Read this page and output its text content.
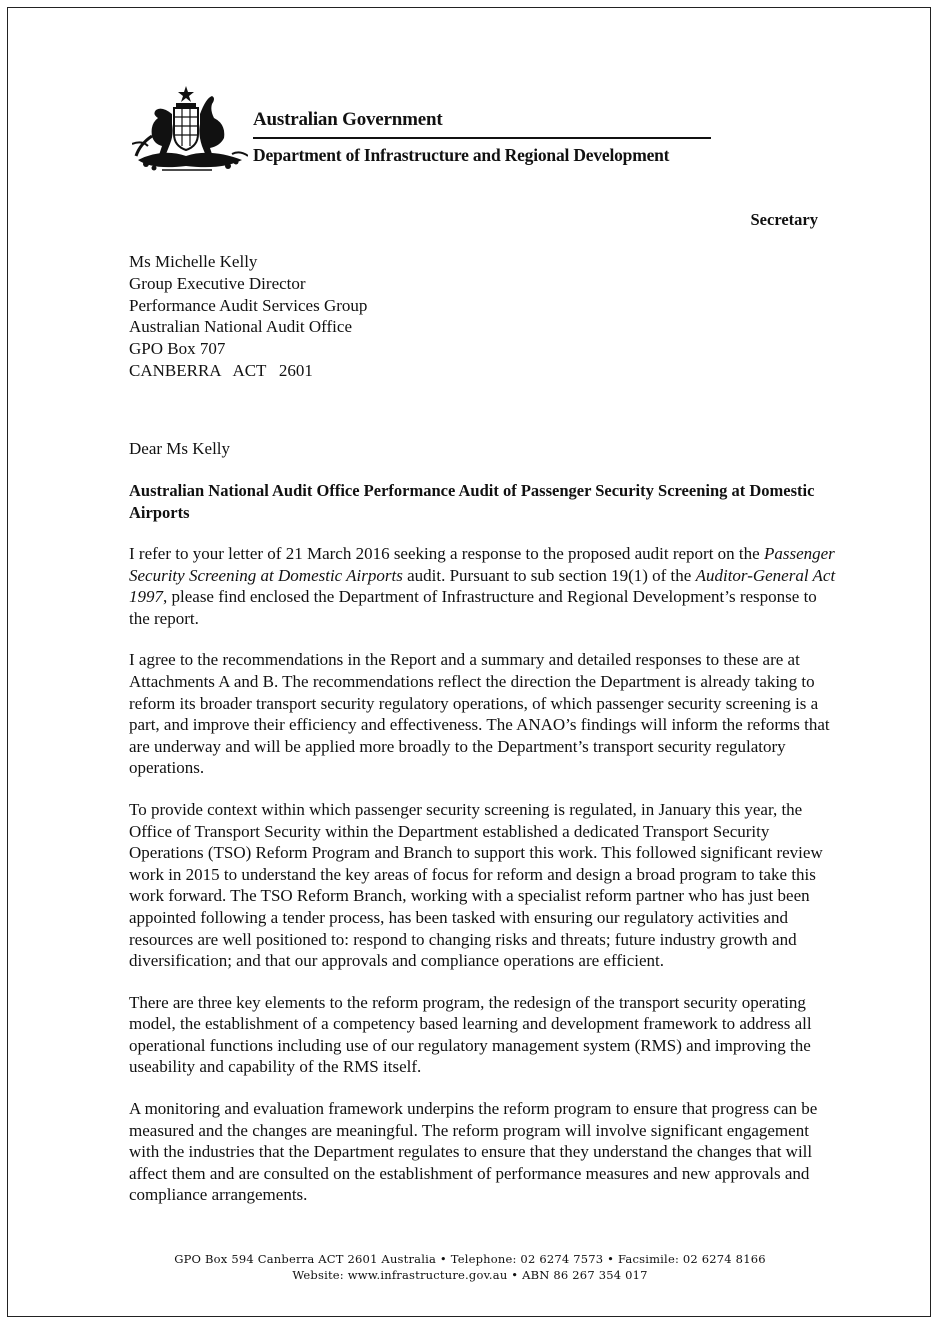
Australian Government
Department of Infrastructure and Regional Development
Secretary
Ms Michelle Kelly
Group Executive Director
Performance Audit Services Group
Australian National Audit Office
GPO Box 707
CANBERRA   ACT   2601
Dear Ms Kelly
Australian National Audit Office Performance Audit of Passenger Security Screening at Domestic Airports

I refer to your letter of 21 March 2016 seeking a response to the proposed audit report on the Passenger Security Screening at Domestic Airports audit. Pursuant to sub section 19(1) of the Auditor-General Act 1997, please find enclosed the Department of Infrastructure and Regional Development’s response to the report.

I agree to the recommendations in the Report and a summary and detailed responses to these are at Attachments A and B. The recommendations reflect the direction the Department is already taking to reform its broader transport security regulatory operations, of which passenger security screening is a part, and improve their efficiency and effectiveness. The ANAO’s findings will inform the reforms that are underway and will be applied more broadly to the Department’s transport security regulatory operations.

To provide context within which passenger security screening is regulated, in January this year, the Office of Transport Security within the Department established a dedicated Transport Security Operations (TSO) Reform Program and Branch to support this work. This followed significant review work in 2015 to understand the key areas of focus for reform and design a broad program to take this work forward. The TSO Reform Branch, working with a specialist reform partner who has just been appointed following a tender process, has been tasked with ensuring our regulatory activities and resources are well positioned to: respond to changing risks and threats; future industry growth and diversification; and that our approvals and compliance operations are efficient.

There are three key elements to the reform program, the redesign of the transport security operating model, the establishment of a competency based learning and development framework to address all operational functions including use of our regulatory management system (RMS) and improving the useability and capability of the RMS itself.

A monitoring and evaluation framework underpins the reform program to ensure that progress can be measured and the changes are meaningful. The reform program will involve significant engagement with the industries that the Department regulates to ensure that they understand the changes that will affect them and are consulted on the establishment of performance measures and new approvals and compliance arrangements.

GPO Box 594 Canberra ACT 2601 Australia • Telephone: 02 6274 7573 • Facsimile: 02 6274 8166
Website: www.infrastructure.gov.au • ABN 86 267 354 017
